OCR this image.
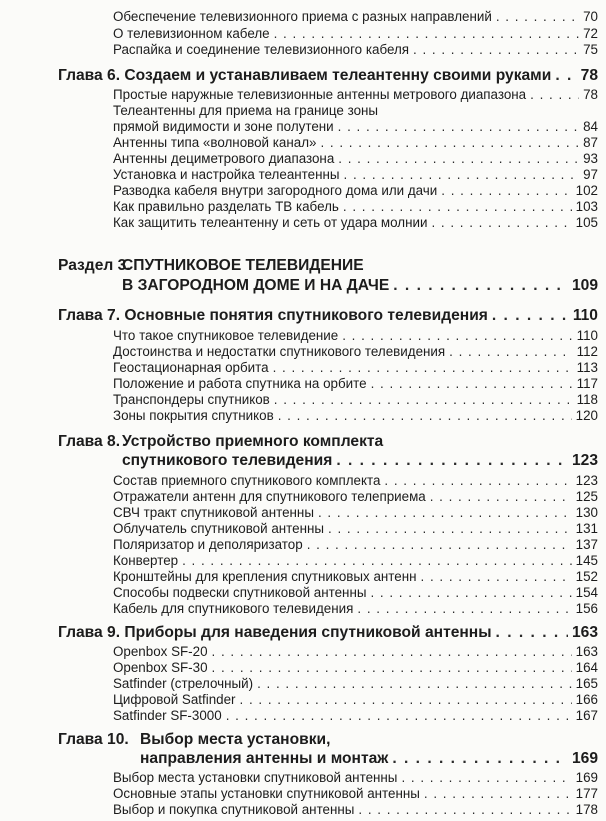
Обеспечение телевизионного приема с разных направлений . . .	70
О телевизионном кабеле . . .	72
Распайка и соединение телевизионного кабеля . . .	75
Глава 6. Создаем и устанавливаем телеантенну своими руками . . . 78
Простые наружные телевизионные антенны метрового диапазона . . .	78
Телеантенны для приема на границе зоны
прямой видимости и зоне полутени . . .	84
Антенны типа «волновой канал» . . .	87
Антенны дециметрового диапазона . . .	93
Установка и настройка телеантенны . . .	97
Разводка кабеля внутри загородного дома или дачи . . .	102
Как правильно разделать ТВ кабель . . .	103
Как защитить телеантенну и сеть от удара молнии . . .	105
Раздел 3.СПУТНИКОВОЕ ТЕЛЕВИДЕНИЕ
В ЗАГОРОДНОМ ДОМЕ И НА ДАЧЕ . . .	109
Глава 7. Основные понятия спутникового телевидения . . .	110
Что такое спутниковое телевидение . . .	110
Достоинства и недостатки спутникового телевидения . . .	112
Геостационарная орбита . . .	113
Положение и работа спутника на орбите . . .	117
Транспондеры спутников . . .	118
Зоны покрытия спутников . . .	120
Глава 8. Устройство приемного комплекта
спутникового телевидения . . .	123
Состав приемного спутникового комплекта . . .	123
Отражатели антенн для спутникового телеприема . . .	125
СВЧ тракт спутниковой антенны . . .	130
Облучатель спутниковой антенны . . .	131
Поляризатор и деполяризатор . . .	137
Конвертер . . .	145
Кронштейны для крепления спутниковых антенн . . .	152
Способы подвески спутниковой антенны . . .	154
Кабель для спутникового телевидения . . .	156
Глава 9. Приборы для наведения спутниковой антенны . . .	163
Openbox SF-20 . . .	163
Openbox SF-30 . . .	164
Satfinder (стрелочный) . . .	165
Цифровой Satfinder . . .	166
Satfinder SF-3000 . . .	167
Глава 10. Выбор места установки,
направления антенны и монтаж . . .	169
Выбор места установки спутниковой антенны . . .	169
Основные этапы установки спутниковой антенны . . .	177
Выбор и покупка спутниковой антенны . . .	178
